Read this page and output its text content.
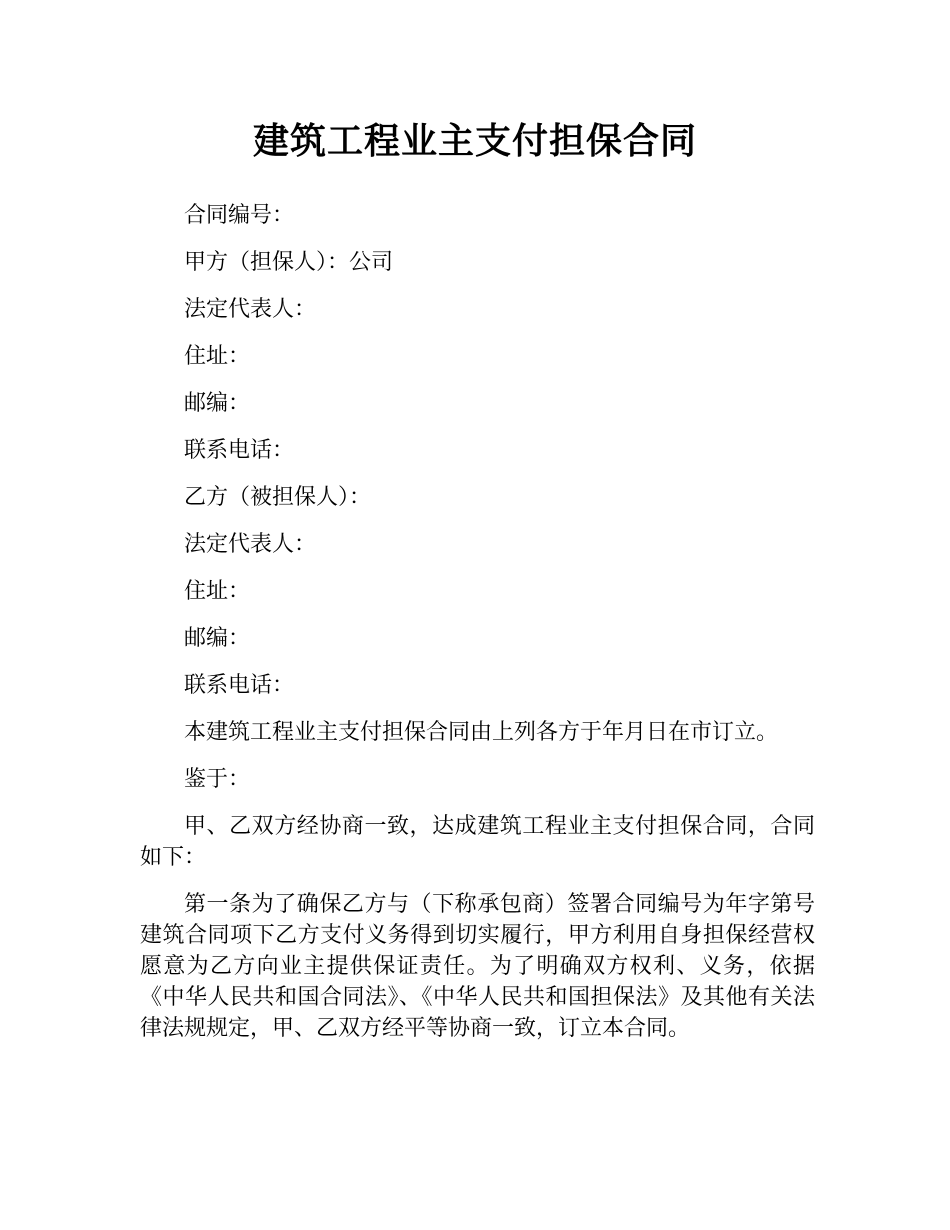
建筑工程业主支付担保合同

合同编号：

甲方（担保人）：公司

法定代表人：

住址：

邮编：

联系电话：

乙方（被担保人）：

法定代表人：

住址：

邮编：

联系电话：

本建筑工程业主支付担保合同由上列各方于年月日在市订立。

鉴于：

甲、乙双方经协商一致，达成建筑工程业主支付担保合同，合同如下：

第一条为了确保乙方与（下称承包商）签署合同编号为年字第号建筑合同项下乙方支付义务得到切实履行，甲方利用自身担保经营权愿意为乙方向业主提供保证责任。为了明确双方权利、义务，依据《中华人民共和国合同法》、《中华人民共和国担保法》及其他有关法律法规规定，甲、乙双方经平等协商一致，订立本合同。
